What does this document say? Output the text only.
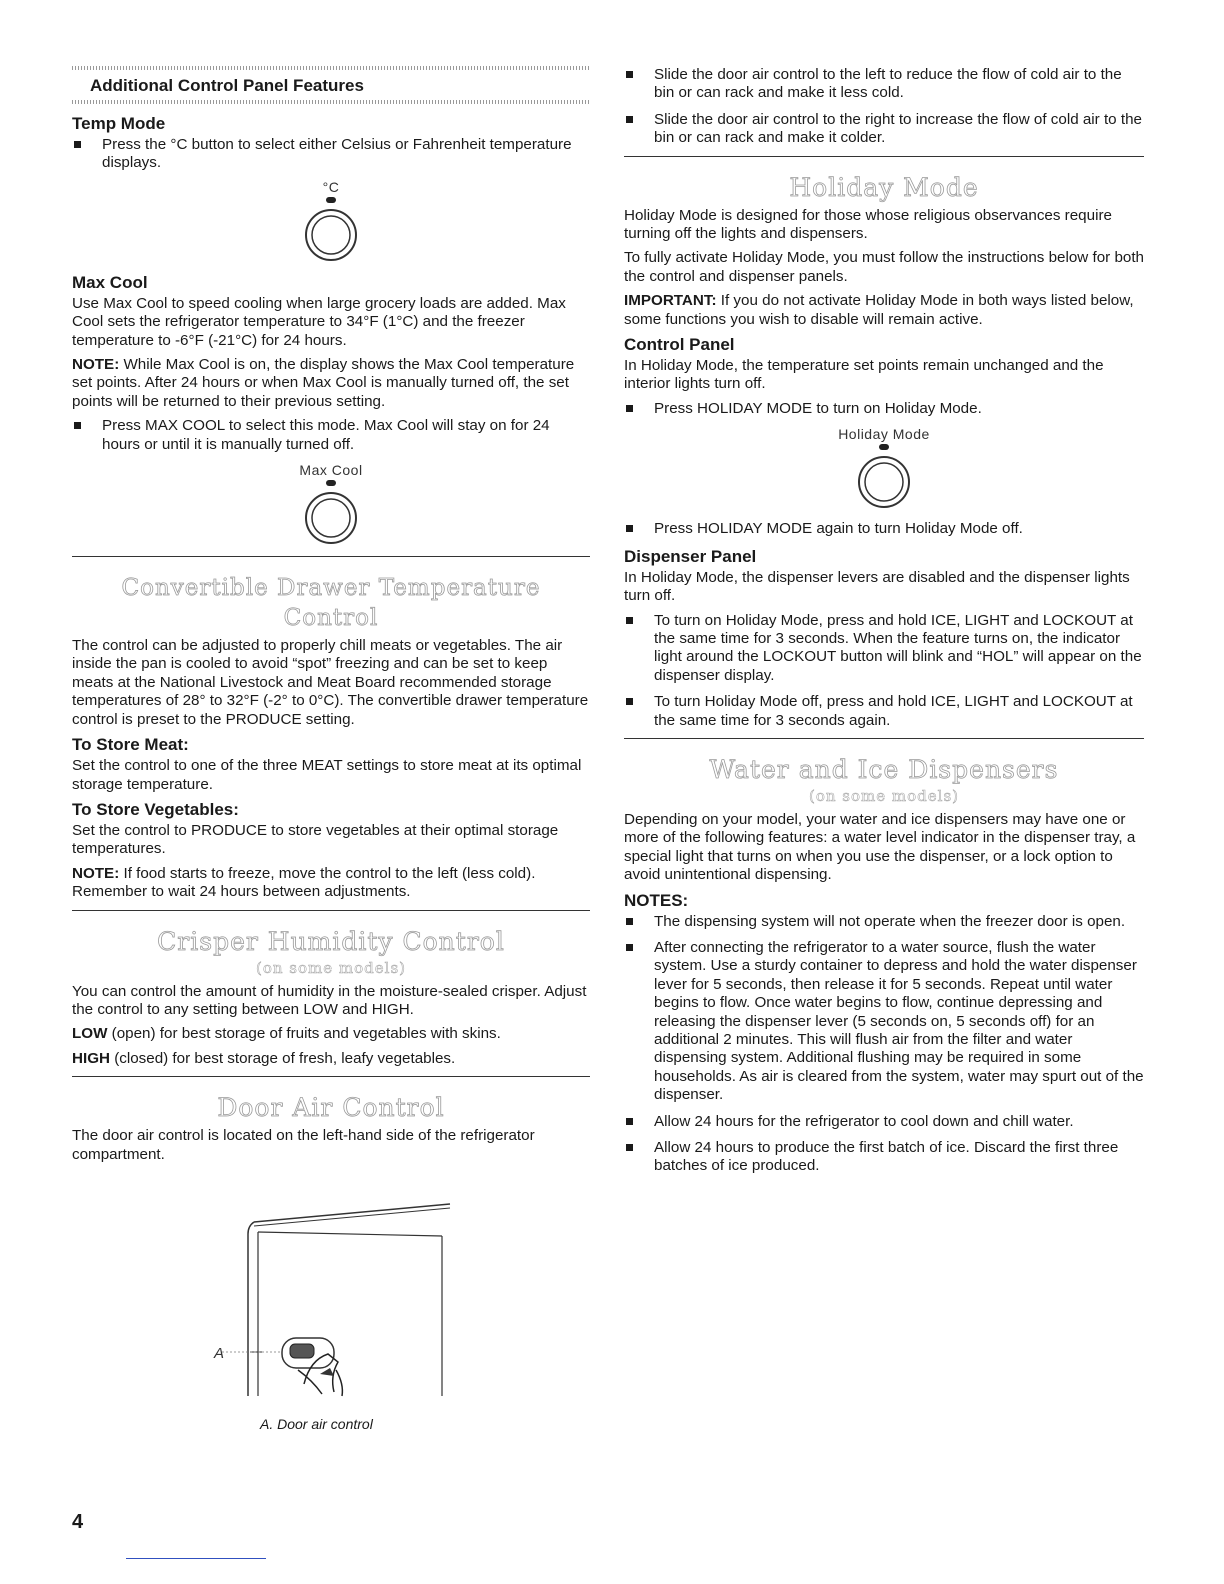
Additional Control Panel Features
Temp Mode
Press the °C button to select either Celsius or Fahrenheit temperature displays.
°C
Max Cool

Use Max Cool to speed cooling when large grocery loads are added. Max Cool sets the refrigerator temperature to 34°F (1°C) and the freezer temperature to -6°F (-21°C) for 24 hours.

NOTE: While Max Cool is on, the display shows the Max Cool temperature set points. After 24 hours or when Max Cool is manually turned off, the set points will be returned to their previous setting.

Press MAX COOL to select this mode. Max Cool will stay on for 24 hours or until it is manually turned off.
Max Cool
Convertible Drawer Temperature Control

The control can be adjusted to properly chill meats or vegetables. The air inside the pan is cooled to avoid “spot” freezing and can be set to keep meats at the National Livestock and Meat Board recommended storage temperatures of 28° to 32°F (-2° to 0°C). The convertible drawer temperature control is preset to the PRODUCE setting.

To Store Meat:

Set the control to one of the three MEAT settings to store meat at its optimal storage temperature.

To Store Vegetables:

Set the control to PRODUCE to store vegetables at their optimal storage temperatures.

NOTE: If food starts to freeze, move the control to the left (less cold). Remember to wait 24 hours between adjustments.

Crisper Humidity Control
(on some models)

You can control the amount of humidity in the moisture-sealed crisper. Adjust the control to any setting between LOW and HIGH.

LOW (open) for best storage of fruits and vegetables with skins.

HIGH (closed) for best storage of fresh, leafy vegetables.

Door Air Control

The door air control is located on the left-hand side of the refrigerator compartment.

A
A. Door air control
Slide the door air control to the left to reduce the flow of cold air to the bin or can rack and make it less cold.
Slide the door air control to the right to increase the flow of cold air to the bin or can rack and make it colder.
Holiday Mode

Holiday Mode is designed for those whose religious observances require turning off the lights and dispensers.

To fully activate Holiday Mode, you must follow the instructions below for both the control and dispenser panels.

IMPORTANT: If you do not activate Holiday Mode in both ways listed below, some functions you wish to disable will remain active.

Control Panel

In Holiday Mode, the temperature set points remain unchanged and the interior lights turn off.

Press HOLIDAY MODE to turn on Holiday Mode.
Holiday Mode
Press HOLIDAY MODE again to turn Holiday Mode off.
Dispenser Panel

In Holiday Mode, the dispenser levers are disabled and the dispenser lights turn off.

To turn on Holiday Mode, press and hold ICE, LIGHT and LOCKOUT at the same time for 3 seconds. When the feature turns on, the indicator light around the LOCKOUT button will blink and “HOL” will appear on the dispenser display.
To turn Holiday Mode off, press and hold ICE, LIGHT and LOCKOUT at the same time for 3 seconds again.
Water and Ice Dispensers
(on some models)

Depending on your model, your water and ice dispensers may have one or more of the following features: a water level indicator in the dispenser tray, a special light that turns on when you use the dispenser, or a lock option to avoid unintentional dispensing.

NOTES:
The dispensing system will not operate when the freezer door is open.
After connecting the refrigerator to a water source, flush the water system. Use a sturdy container to depress and hold the water dispenser lever for 5 seconds, then release it for 5 seconds. Repeat until water begins to flow. Once water begins to flow, continue depressing and releasing the dispenser lever (5 seconds on, 5 seconds off) for an additional 2 minutes. This will flush air from the filter and water dispensing system. Additional flushing may be required in some households. As air is cleared from the system, water may spurt out of the dispenser.
Allow 24 hours for the refrigerator to cool down and chill water.
Allow 24 hours to produce the first batch of ice. Discard the first three batches of ice produced.
4
